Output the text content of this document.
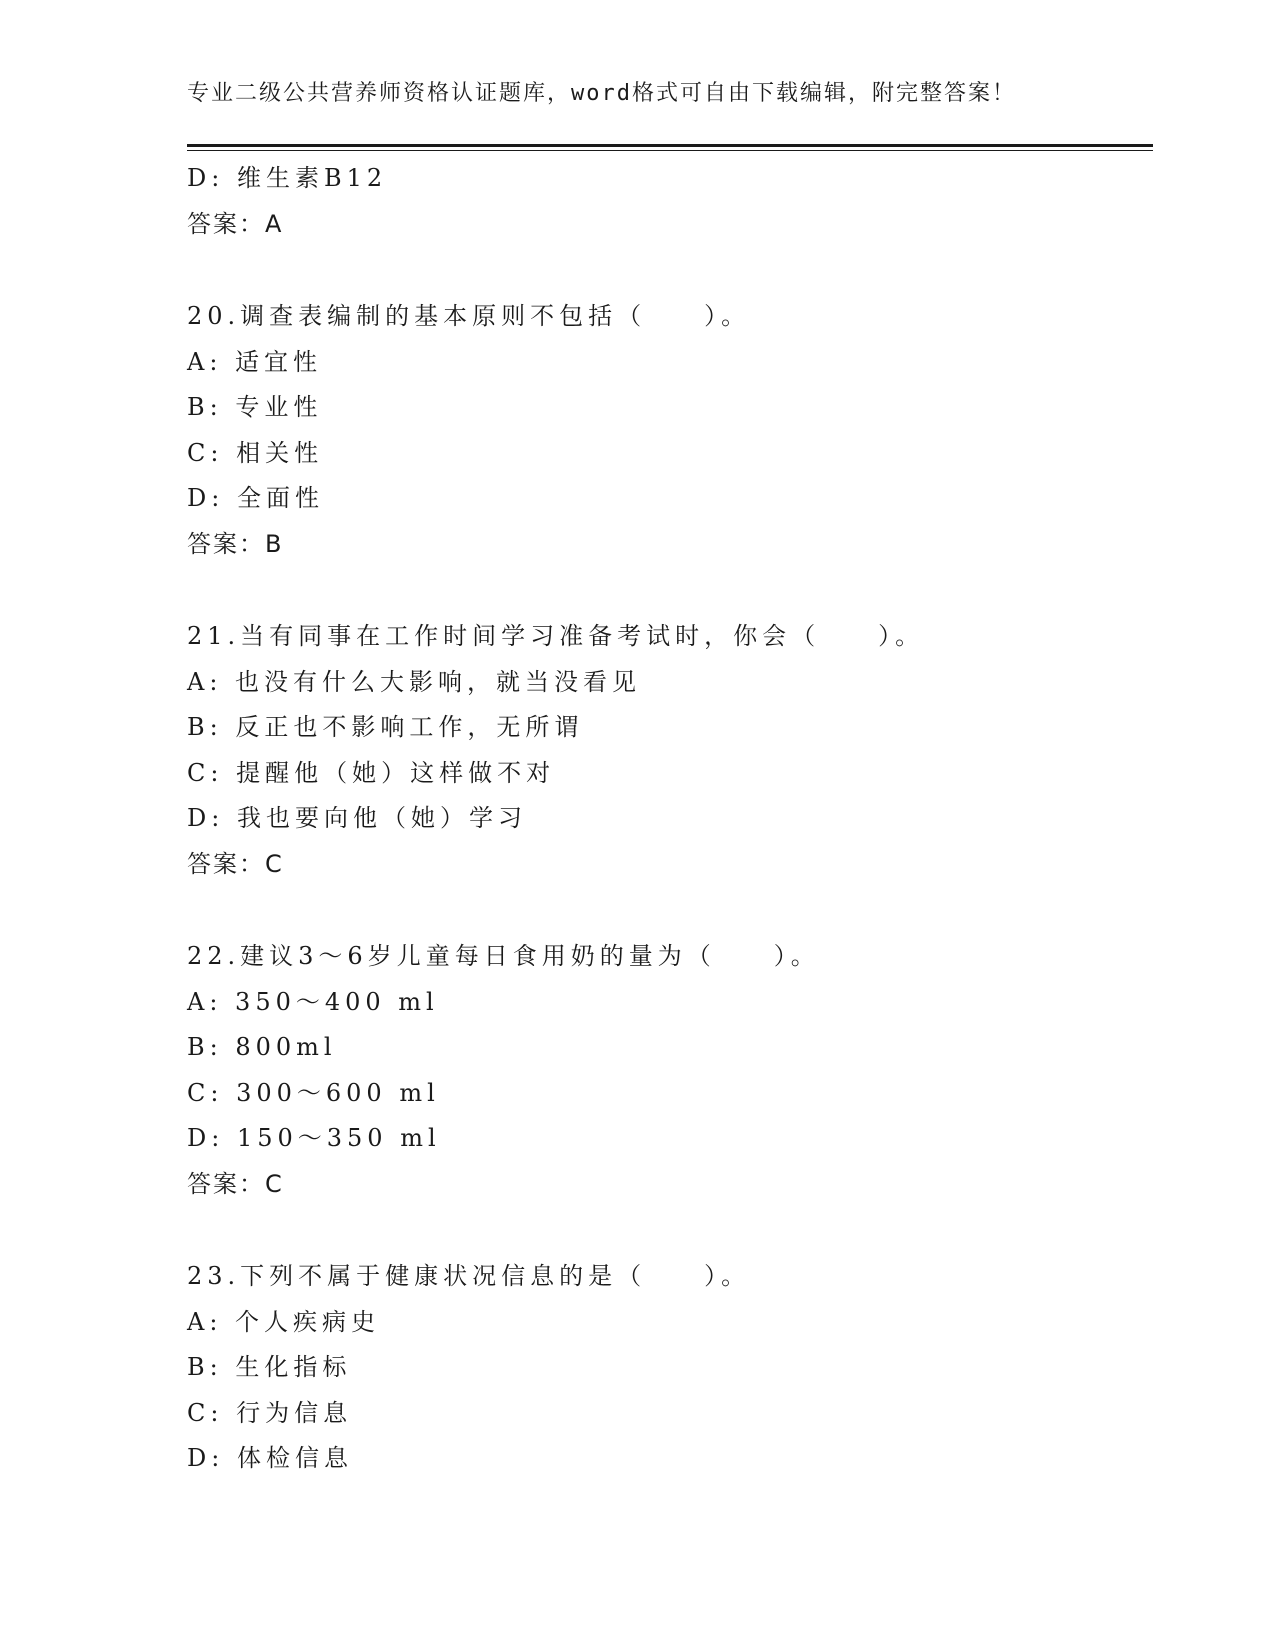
专业二级公共营养师资格认证题库，word格式可自由下载编辑，附完整答案！
D: 维生素B12
答案：A
20.调查表编制的基本原则不包括（　　）。
A: 适宜性
B: 专业性
C: 相关性
D: 全面性
答案：B
21.当有同事在工作时间学习准备考试时，你会（　　）。
A: 也没有什么大影响，就当没看见
B: 反正也不影响工作，无所谓
C: 提醒他（她）这样做不对
D: 我也要向他（她）学习
答案：C
22.建议3～6岁儿童每日食用奶的量为（　　）。
A: 350～400 ml
B: 800ml
C: 300～600 ml
D: 150～350 ml
答案：C
23.下列不属于健康状况信息的是（　　）。
A: 个人疾病史
B: 生化指标
C: 行为信息
D: 体检信息
